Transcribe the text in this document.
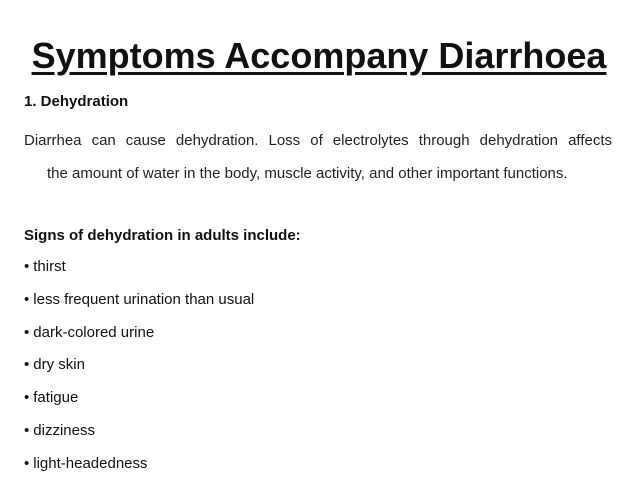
Symptoms Accompany Diarrhoea
1. Dehydration
Diarrhea can cause dehydration. Loss of electrolytes through dehydration affects
the amount of water in the body, muscle activity, and other important functions.
Signs of dehydration in adults include:
• thirst
• less frequent urination than usual
• dark-colored urine
• dry skin
• fatigue
• dizziness
• light-headedness
